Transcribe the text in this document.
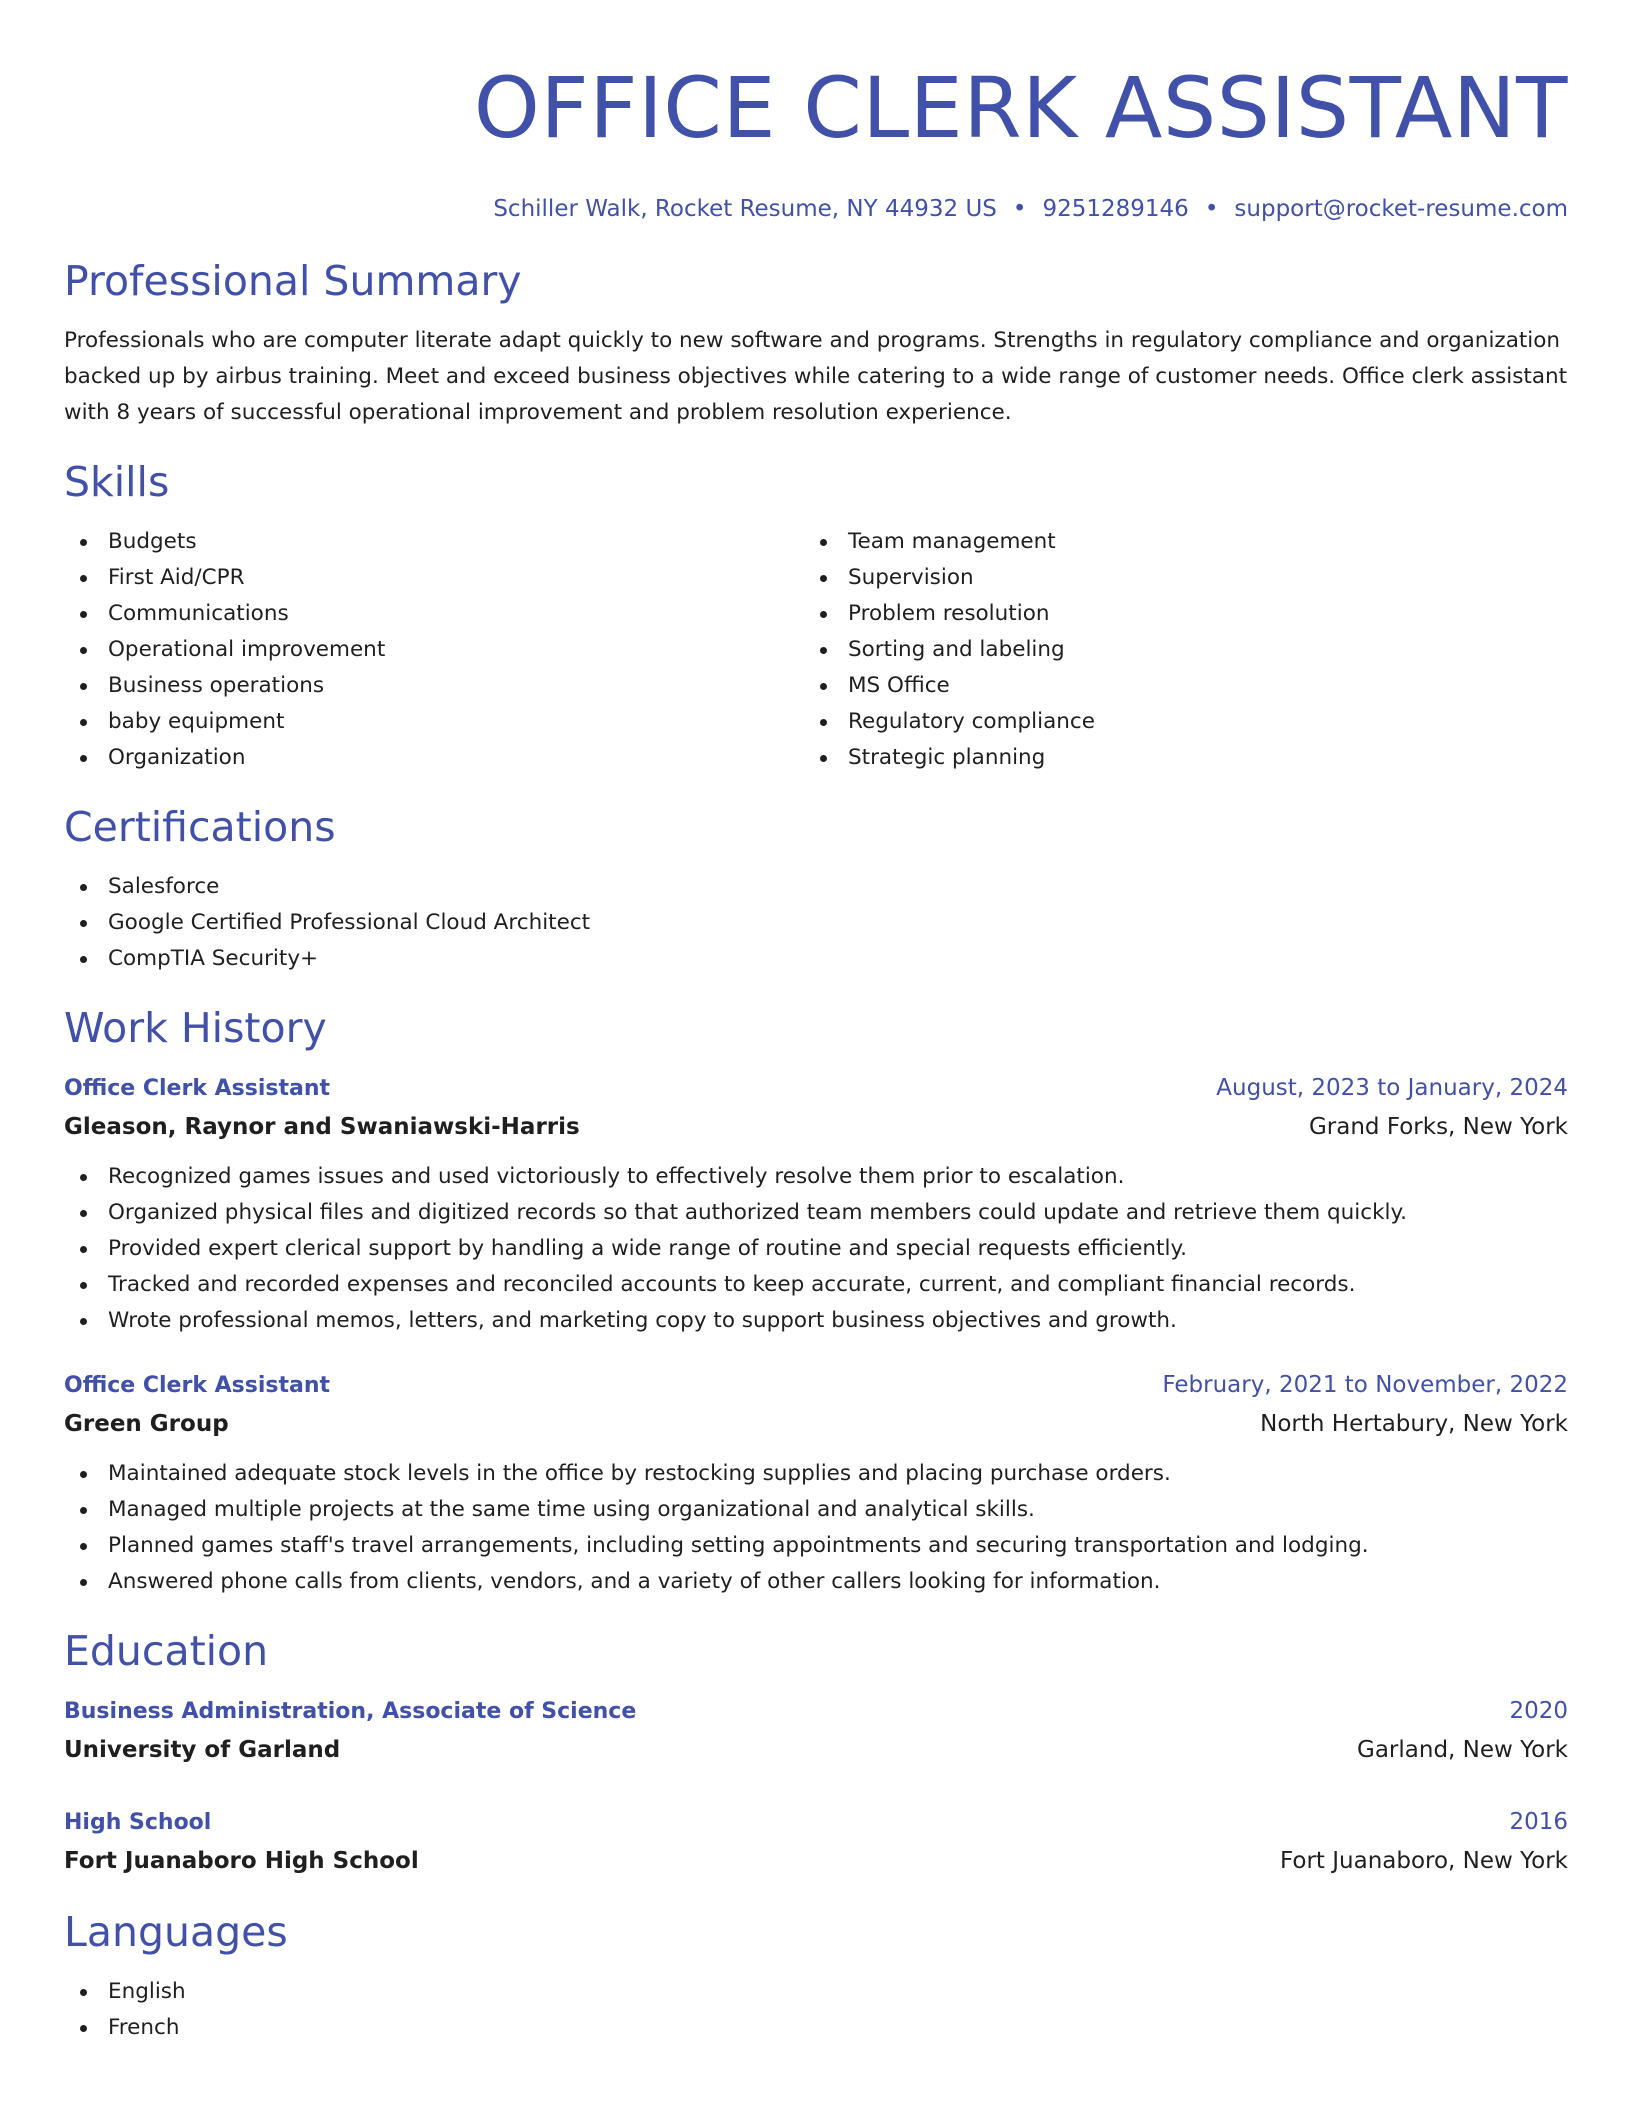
OFFICE CLERK ASSISTANT
Schiller Walk, Rocket Resume, NY 44932 US • 9251289146 • support@rocket-resume.com
Professional Summary

Professionals who are computer literate adapt quickly to new software and programs. Strengths in regulatory compliance and organization backed up by airbus training. Meet and exceed business objectives while catering to a wide range of customer needs. Office clerk assistant with 8 years of successful operational improvement and problem resolution experience.

Skills
Budgets
First Aid/CPR
Communications
Operational improvement
Business operations
baby equipment
Organization
Team management
Supervision
Problem resolution
Sorting and labeling
MS Office
Regulatory compliance
Strategic planning
Certifications
Salesforce
Google Certified Professional Cloud Architect
CompTIA Security+
Work History
Office Clerk Assistant	August, 2023 to January, 2024
Gleason, Raynor and Swaniawski-Harris	Grand Forks, New York
Recognized games issues and used victoriously to effectively resolve them prior to escalation.
Organized physical files and digitized records so that authorized team members could update and retrieve them quickly.
Provided expert clerical support by handling a wide range of routine and special requests efficiently.
Tracked and recorded expenses and reconciled accounts to keep accurate, current, and compliant financial records.
Wrote professional memos, letters, and marketing copy to support business objectives and growth.
Office Clerk Assistant	February, 2021 to November, 2022
Green Group	North Hertabury, New York
Maintained adequate stock levels in the office by restocking supplies and placing purchase orders.
Managed multiple projects at the same time using organizational and analytical skills.
Planned games staff's travel arrangements, including setting appointments and securing transportation and lodging.
Answered phone calls from clients, vendors, and a variety of other callers looking for information.
Education
Business Administration, Associate of Science	2020
University of Garland	Garland, New York
High School	2016
Fort Juanaboro High School	Fort Juanaboro, New York
Languages
English
French
